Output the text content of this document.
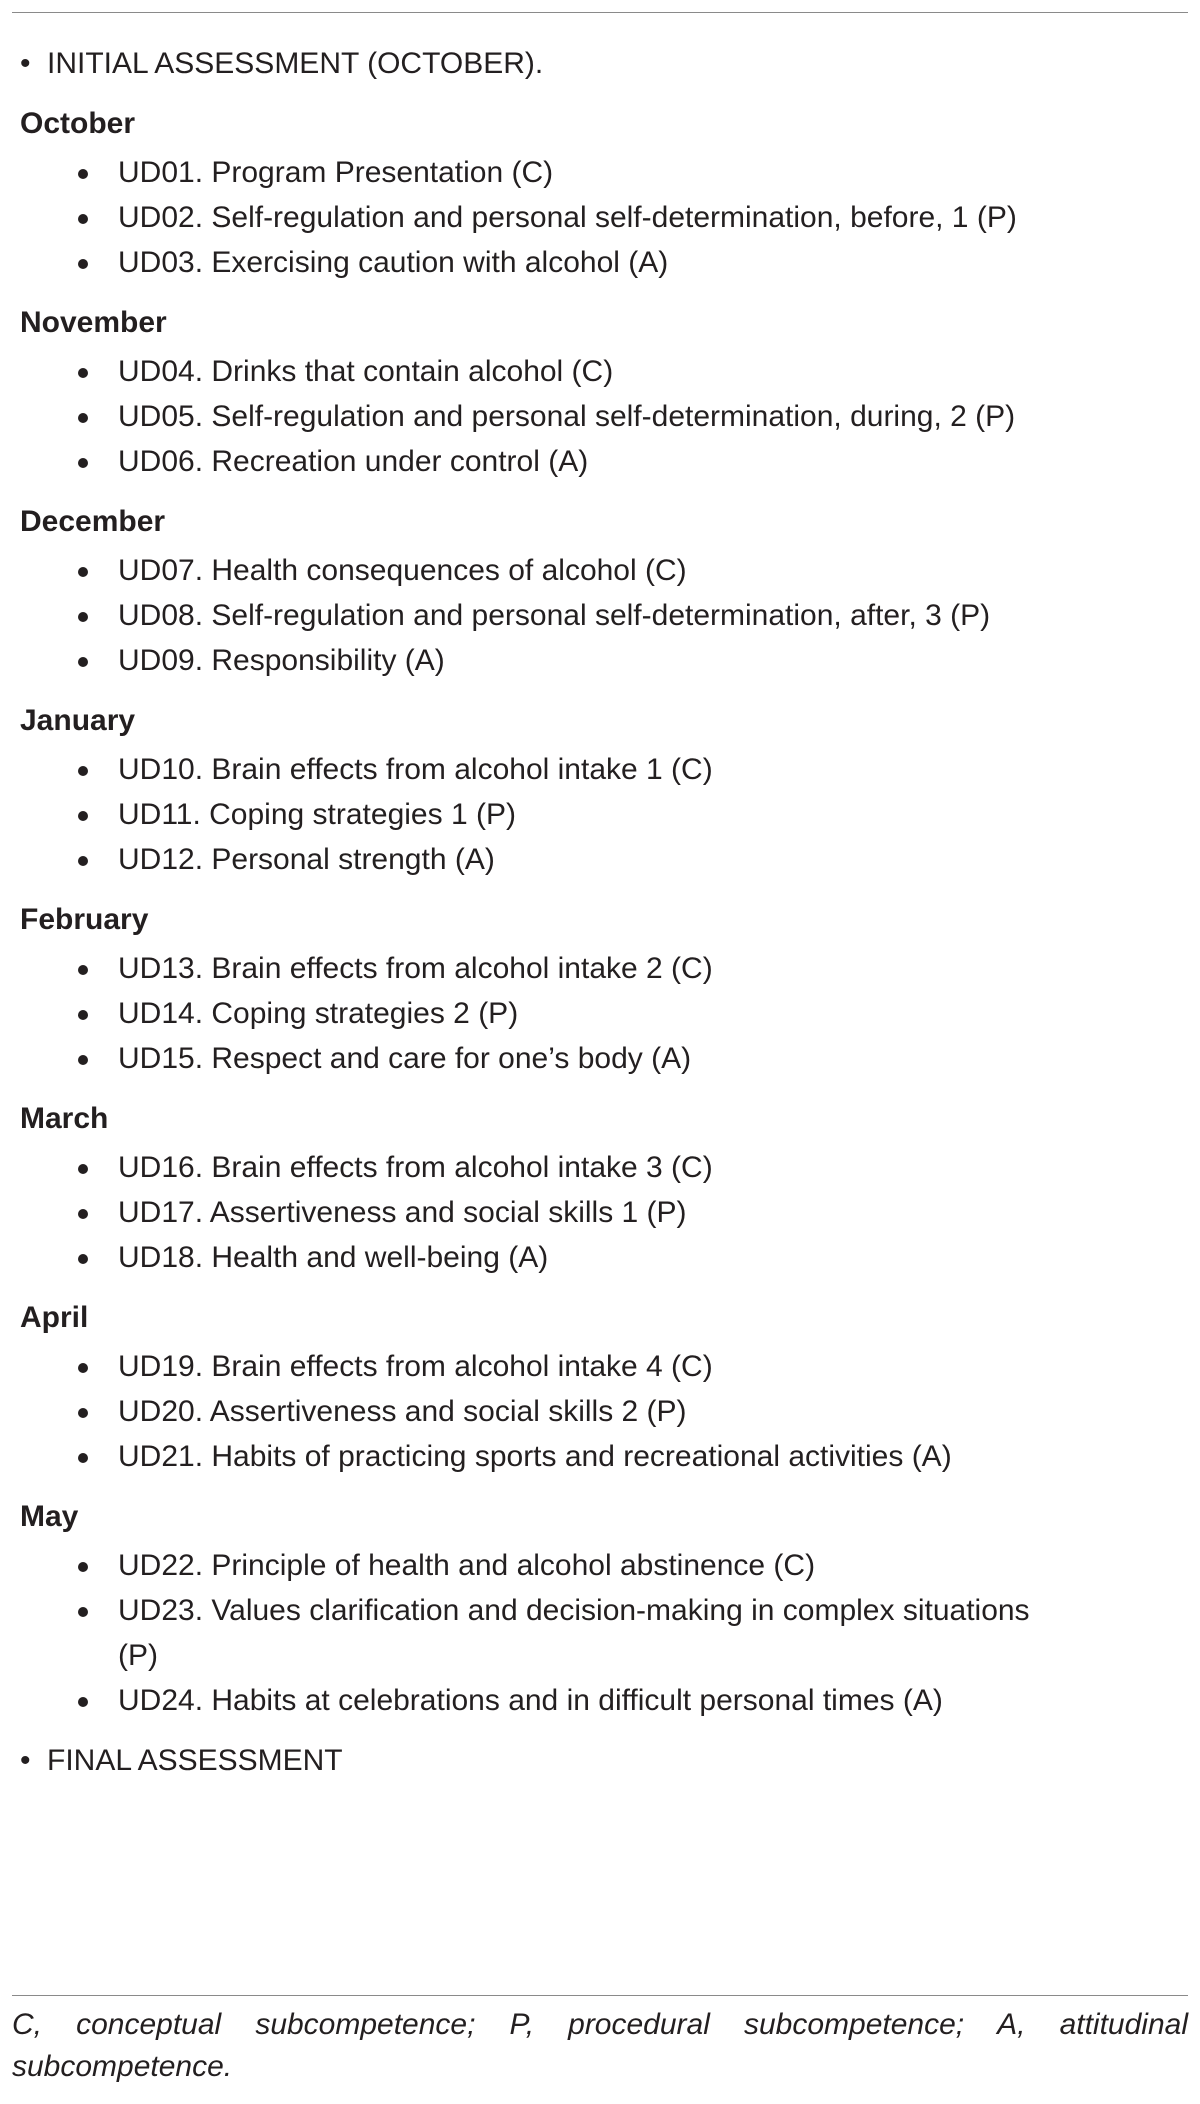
• INITIAL ASSESSMENT (OCTOBER).

October
UD01. Program Presentation (C)
UD02. Self-regulation and personal self-determination, before, 1 (P)
UD03. Exercising caution with alcohol (A)
November
UD04. Drinks that contain alcohol (C)
UD05. Self-regulation and personal self-determination, during, 2 (P)
UD06. Recreation under control (A)
December
UD07. Health consequences of alcohol (C)
UD08. Self-regulation and personal self-determination, after, 3 (P)
UD09. Responsibility (A)
January
UD10. Brain effects from alcohol intake 1 (C)
UD11. Coping strategies 1 (P)
UD12. Personal strength (A)
February
UD13. Brain effects from alcohol intake 2 (C)
UD14. Coping strategies 2 (P)
UD15. Respect and care for one’s body (A)
March
UD16. Brain effects from alcohol intake 3 (C)
UD17. Assertiveness and social skills 1 (P)
UD18. Health and well-being (A)
April
UD19. Brain effects from alcohol intake 4 (C)
UD20. Assertiveness and social skills 2 (P)
UD21. Habits of practicing sports and recreational activities (A)
May
UD22. Principle of health and alcohol abstinence (C)
UD23. Values clarification and decision-making in complex situations (P)
UD24. Habits at celebrations and in difficult personal times (A)

• FINAL ASSESSMENT

C, conceptual subcompetence; P, procedural subcompetence; A, attitudinal subcompetence.
